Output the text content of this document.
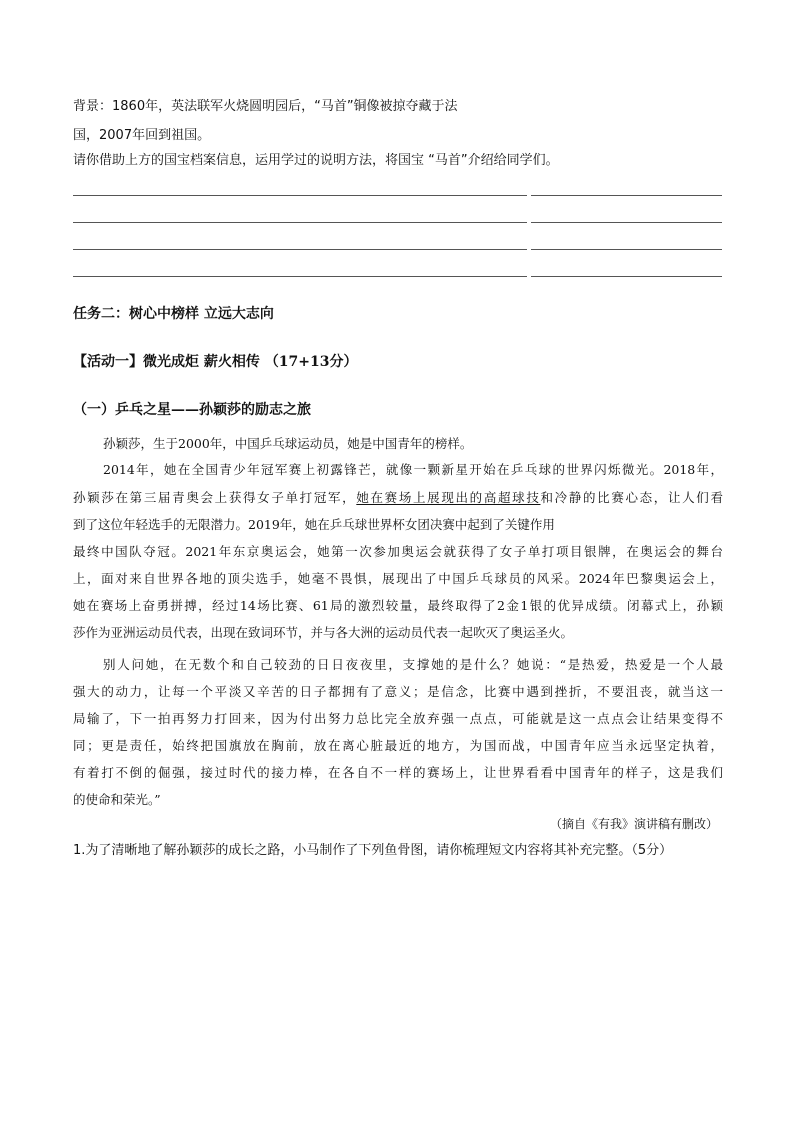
背景：1860年，英法联军火烧圆明园后，“马首”铜像被掠夺藏于法
国，2007年回到祖国。
请你借助上方的国宝档案信息，运用学过的说明方法，将国宝 “马首”介绍给同学们。
任务二：树心中榜样 立远大志向
【活动一】微光成炬 薪火相传 （17+13分）
（一）乒乓之星——孙颖莎的励志之旅
孙颖莎，生于2000年，中国乒乓球运动员，她是中国青年的榜样。
2014年，她在全国青少年冠军赛上初露锋芒，就像一颗新星开始在乒乓球的世界闪烁微光。2018年，
孙颖莎在第三届青奥会上获得女子单打冠军，她在赛场上展现出的高超球技和冷静的比赛心态，让人们看
到了这位年轻选手的无限潜力。2019年，她在乒乓球世界杯女团决赛中起到了关键作用
最终中国队夺冠。2021年东京奥运会，她第一次参加奥运会就获得了女子单打项目银牌，在奥运会的舞台
上，面对来自世界各地的顶尖选手，她毫不畏惧，展现出了中国乒乓球员的风采。2024年巴黎奥运会上，
她在赛场上奋勇拼搏，经过14场比赛、61局的激烈较量，最终取得了2金1银的优异成绩。闭幕式上，孙颖
莎作为亚洲运动员代表，出现在致词环节，并与各大洲的运动员代表一起吹灭了奥运圣火。
别人问她，在无数个和自己较劲的日日夜夜里，支撑她的是什么？她说：“是热爱，热爱是一个人最
强大的动力，让每一个平淡又辛苦的日子都拥有了意义；是信念，比赛中遇到挫折，不要沮丧，就当这一
局输了，下一拍再努力打回来，因为付出努力总比完全放弃强一点点，可能就是这一点点会让结果变得不
同；更是责任，始终把国旗放在胸前，放在离心脏最近的地方，为国而战，中国青年应当永远坚定执着，
有着打不倒的倔强，接过时代的接力棒，在各自不一样的赛场上，让世界看看中国青年的样子，这是我们
的使命和荣光。”
（摘自《有我》演讲稿有删改）
1.为了清晰地了解孙颖莎的成长之路，小马制作了下列鱼骨图，请你梳理短文内容将其补充完整。（5分）
